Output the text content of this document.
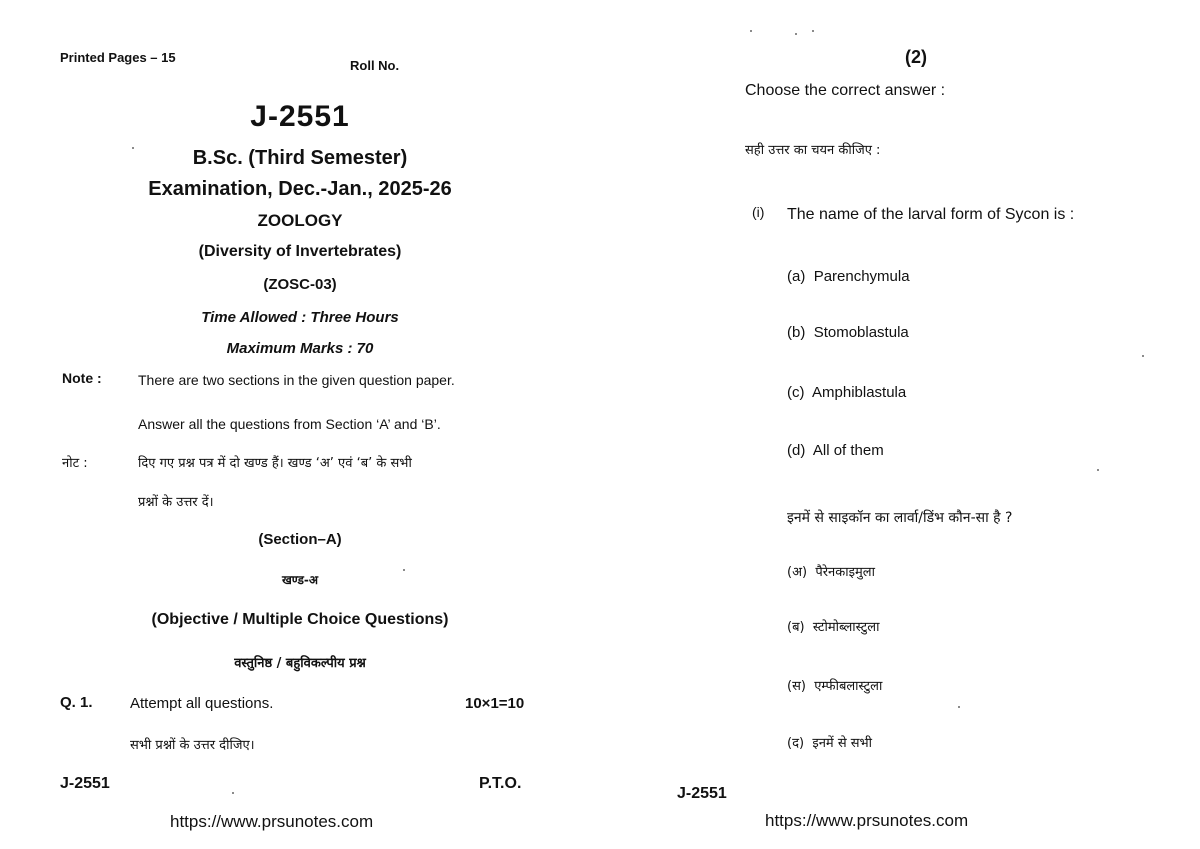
Printed Pages – 15
Roll No.
J-2551
B.Sc. (Third Semester)
Examination, Dec.-Jan., 2025-26
ZOOLOGY
(Diversity of Invertebrates)
(ZOSC-03)
Time Allowed : Three Hours
Maximum Marks : 70
Note :	There are two sections in the given question paper.
Answer all the questions from Section ‘A’ and ‘B’.
नोट :	दिए गए प्रश्न पत्र में दो खण्ड हैं। खण्ड ‘अ’ एवं ‘ब’ के सभी
प्रश्नों के उत्तर दें।
(Section–A)
खण्ड-अ
(Objective / Multiple Choice Questions)
वस्तुनिष्ठ / बहुविकल्पीय प्रश्न
Q. 1. Attempt all questions.	10×1=10
सभी प्रश्नों के उत्तर दीजिए।
J-2551	P.T.O.
https://www.prsunotes.com
(2)
Choose the correct answer :
सही उत्तर का चयन कीजिए :
(i) The name of the larval form of Sycon is :
(a) Parenchymula
(b) Stomoblastula
(c) Amphiblastula
(d) All of them
इनमें से साइकॉन का लार्वा/डिंभ कौन-सा है ?
(अ) पैरेनकाइमुला
(ब) स्टोमोब्लास्टुला
(स) एम्फीबलास्टुला
(द) इनमें से सभी
J-2551
https://www.prsunotes.com
